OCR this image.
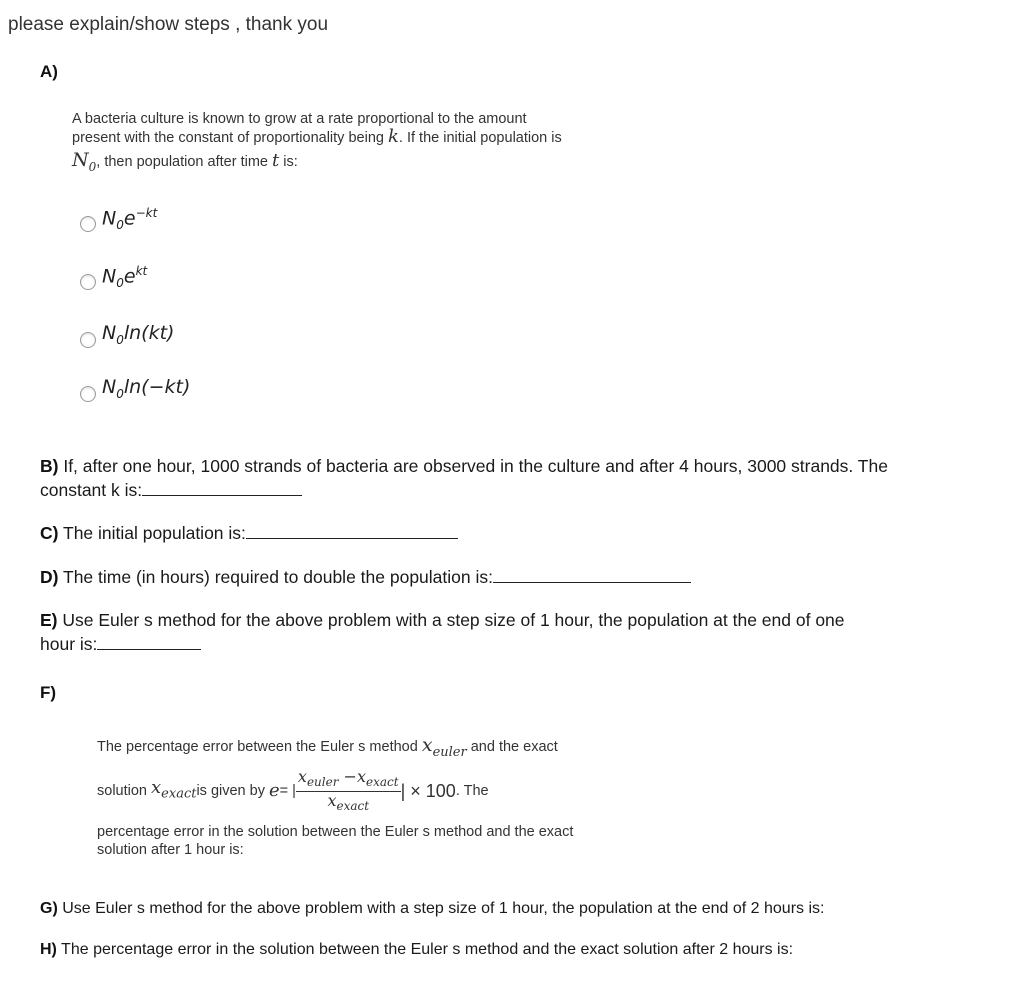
please explain/show steps , thank you
A)
A bacteria culture is known to grow at a rate proportional to the amount
present with the constant of proportionality being k. If the initial population is
$N_0$, then population after time t is:
$N_0e^{-kt}$
$N_0e^{kt}$
$N_0\ln(kt)$
$N_0\ln(-kt)$
B) If, after one hour, 1000 strands of bacteria are observed in the culture and after 4 hours, 3000 strands. The
constant k is:
C) The initial population is:
D) The time (in hours) required to double the population is:
E) Use Euler s method for the above problem with a step size of 1 hour, the population at the end of one
hour is:
F)
The percentage error between the Euler s method $x_{euler}$ and the exact
solution
$x_{exact}$ is given by
e = | $\frac{x_{euler} -x_{exact}}{x_{exact}}$ | × 100 . The
percentage error in the solution between the Euler s method and the exact
solution after 1 hour is:
G) Use Euler s method for the above problem with a step size of 1 hour, the population at the end of 2 hours is:
H) The percentage error in the solution between the Euler s method and the exact solution after 2 hours is:
